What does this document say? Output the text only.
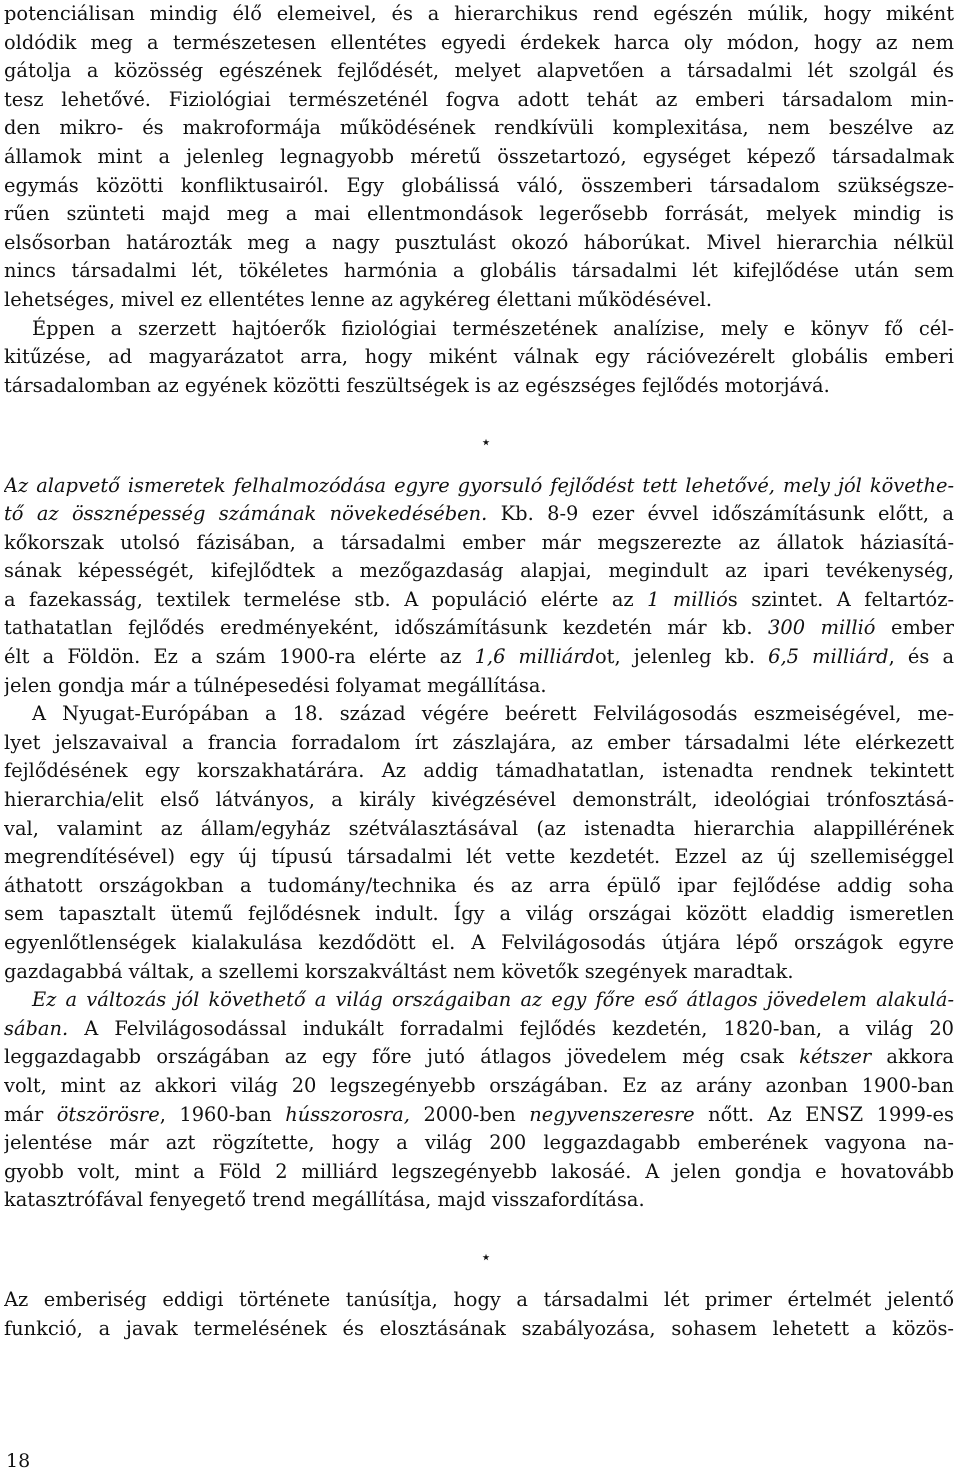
potenciálisan mindig élő elemeivel, és a hierarchikus rend egészén múlik, hogy miként
oldódik meg a természetesen ellentétes egyedi érdekek harca oly módon, hogy az nem
gátolja a közösség egészének fejlődését, melyet alapvetően a társadalmi lét szolgál és
tesz lehetővé. Fiziológiai természeténél fogva adott tehát az emberi társadalom min-
den mikro- és makroformája működésének rendkívüli komplexitása, nem beszélve az
államok mint a jelenleg legnagyobb méretű összetartozó, egységet képező társadalmak
egymás közötti konfliktusairól. Egy globálissá váló, összemberi társadalom szükségsze-
rűen szünteti majd meg a mai ellentmondások legerősebb forrását, melyek mindig is
elsősorban határozták meg a nagy pusztulást okozó háborúkat. Mivel hierarchia nélkül
nincs társadalmi lét, tökéletes harmónia a globális társadalmi lét kifejlődése után sem
lehetséges, mivel ez ellentétes lenne az agykéreg élettani működésével.
Éppen a szerzett hajtóerők fiziológiai természetének analízise, mely e könyv fő cél-
kitűzése, ad magyarázatot arra, hogy miként válnak egy rációvezérelt globális emberi
társadalomban az egyének közötti feszültségek is az egészséges fejlődés motorjává.
⋆
Az alapvető ismeretek felhalmozódása egyre gyorsuló fejlődést tett lehetővé, mely jól követhe-
tő az össznépesség számának növekedésében. Kb. 8-9 ezer évvel időszámításunk előtt, a
kőkorszak utolsó fázisában, a társadalmi ember már megszerezte az állatok háziasítá-
sának képességét, kifejlődtek a mezőgazdaság alapjai, megindult az ipari tevékenység,
a fazekasság, textilek termelése stb. A populáció elérte az 1 milliós szintet. A feltartóz-
tathatatlan fejlődés eredményeként, időszámításunk kezdetén már kb. 300 millió ember
élt a Földön. Ez a szám 1900-ra elérte az 1,6 milliárdot, jelenleg kb. 6,5 milliárd, és a
jelen gondja már a túlnépesedési folyamat megállítása.
A Nyugat-Európában a 18. század végére beérett Felvilágosodás eszmeiségével, me-
lyet jelszavaival a francia forradalom írt zászlajára, az ember társadalmi léte elérkezett
fejlődésének egy korszakhatárára. Az addig támadhatatlan, istenadta rendnek tekintett
hierarchia/elit első látványos, a király kivégzésével demonstrált, ideológiai trónfosztásá-
val, valamint az állam/egyház szétválasztásával (az istenadta hierarchia alappillérének
megrendítésével) egy új típusú társadalmi lét vette kezdetét. Ezzel az új szellemiséggel
áthatott országokban a tudomány/technika és az arra épülő ipar fejlődése addig soha
sem tapasztalt ütemű fejlődésnek indult. Így a világ országai között eladdig ismeretlen
egyenlőtlenségek kialakulása kezdődött el. A Felvilágosodás útjára lépő országok egyre
gazdagabbá váltak, a szellemi korszakváltást nem követők szegények maradtak.
Ez a változás jól követhető a világ országaiban az egy főre eső átlagos jövedelem alakulá-
sában. A Felvilágosodással indukált forradalmi fejlődés kezdetén, 1820-ban, a világ 20
leggazdagabb országában az egy főre jutó átlagos jövedelem még csak kétszer akkora
volt, mint az akkori világ 20 legszegényebb országában. Ez az arány azonban 1900-ban
már ötszörösre, 1960-ban hússzorosra, 2000-ben negyvenszeresre nőtt. Az ENSZ 1999-es
jelentése már azt rögzítette, hogy a világ 200 leggazdagabb emberének vagyona na-
gyobb volt, mint a Föld 2 milliárd legszegényebb lakosáé. A jelen gondja e hovatovább
katasztrófával fenyegető trend megállítása, majd visszafordítása.
⋆
Az emberiség eddigi története tanúsítja, hogy a társadalmi lét primer értelmét jelentő
funkció, a javak termelésének és elosztásának szabályozása, sohasem lehetett a közös-
18
